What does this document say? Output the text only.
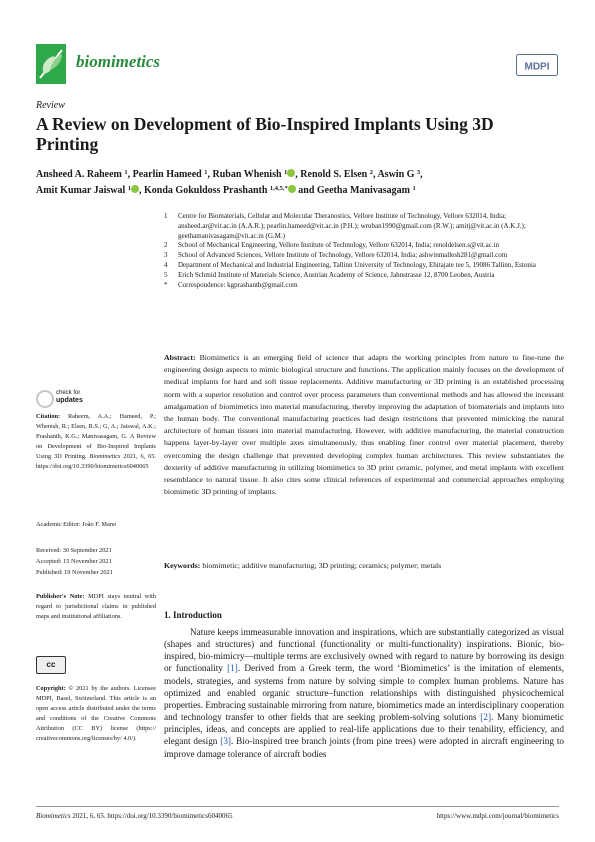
biomimetics	MDPI
Review
A Review on Development of Bio-Inspired Implants Using 3D Printing
Ansheed A. Raheem $^1$, Pearlin Hameed $^1$, Ruban Whenish $^1$ , Renold S. Elsen $^2$, Aswin G $^3$,
Amit Kumar Jaiswal $^1$ , Konda Gokuldoss Prashanth $^{1,4,5,*}$ and Geetha Manivasagam $^1$
1	Centre for Biomaterials, Cellular and Molecular Theranostics, Vellore Institute of Technology, Vellore 632014, India; ansheed.ar@vit.ac.in (A.A.R.); pearlin.hameed@vit.ac.in (P.H.); wruban1990@gmail.com (R.W.); amitj@vit.ac.in (A.K.J.); geethamanivasagam@vit.ac.in (G.M.)
2	School of Mechanical Engineering, Vellore Institute of Technology, Vellore 632014, India; renoldelsen.s@vit.ac.in
3	School of Advanced Sciences, Vellore Institute of Technology, Vellore 632014, India; ashwinmallesh281@gmail.com
4	Department of Mechanical and Industrial Engineering, Tallinn University of Technology, Ehitajate tee 5, 19086 Tallinn, Estonia
5	Erich Schmid Institute of Materials Science, Austrian Academy of Science, Jahnstrasse 12, 8700 Leoben, Austria
*	Correspondence: kgprashanth@gmail.com
Abstract: Biomimetics is an emerging field of science that adapts the working principles from nature to fine-tune the engineering design aspects to mimic biological structure and functions. The application mainly focuses on the development of medical implants for hard and soft tissue replacements. Additive manufacturing or 3D printing is an established processing norm with a superior resolution and control over process parameters than conventional methods and has allowed the incessant amalgamation of biomimetics into material manufacturing, thereby improving the adaptation of biomaterials and implants into the human body. The conventional manufacturing practices had design restrictions that prevented mimicking the natural architecture of human tissues into material manufacturing. However, with additive manufacturing, the material construction happens layer-by-layer over multiple axes simultaneously, thus enabling finer control over material placement, thereby overcoming the design challenge that prevented developing complex human architectures. This review substantiates the dexterity of additive manufacturing in utilizing biomimetics to 3D print ceramic, polymer, and metal implants with excellent resemblance to natural tissue. It also cites some clinical references of experimental and commercial approaches employing biomimetic 3D printing of implants.
Keywords: biomimetic; additive manufacturing; 3D printing; ceramics; polymer; metals
check for
updates
Citation: Raheem, A.A.; Hameed, P.; Whenish, R.; Elsen, R.S.; G, A.; Jaiswal, A.K.; Prashanth, K.G.; Manivasagam, G. A Review on Development of Bio-Inspired Implants Using 3D Printing. Biomimetics 2021, 6, 65. https://doi.org/10.3390/biomimetics6040065
Academic Editor: João F. Mano
Received: 30 September 2021
Accepted: 15 November 2021
Published: 19 November 2021
Publisher's Note: MDPI stays neutral with regard to jurisdictional claims in published maps and institutional affiliations.
cc
Copyright: © 2021 by the authors. Licensee MDPI, Basel, Switzerland. This article is an open access article distributed under the terms and conditions of the Creative Commons Attribution (CC BY) license (https:// creativecommons.org/licenses/by/ 4.0/).
1. Introduction

Nature keeps immeasurable innovation and inspirations, which are substantially categorized as visual (shapes and structures) and functional (functionality or multi-functionality) inspirations. Bionic, bio-inspired, bio-mimicry—multiple terms are exclusively owned with regard to nature by borrowing its design or functionality [1]. Derived from a Greek term, the word ‘Biomimetics’ is the imitation of elements, models, strategies, and systems from nature by solving simple to complex human problems. Nature has optimized and enabled organic structure–function relationships with distinguished physicochemical properties. Embracing sustainable mirroring from nature, biomimetics made an interdisciplinary cooperation and technology transfer to other fields that are seeking problem-solving solutions [2]. Many biomimetic principles, ideas, and concepts are applied to real-life applications due to their tenability, efficiency, and elegant design [3]. Bio-inspired tree branch joints (from pine trees) were adopted in aircraft engineering to improve damage tolerance of aircraft bodies

Biomimetics 2021, 6, 65. https://doi.org/10.3390/biomimetics6040065	https://www.mdpi.com/journal/biomimetics
